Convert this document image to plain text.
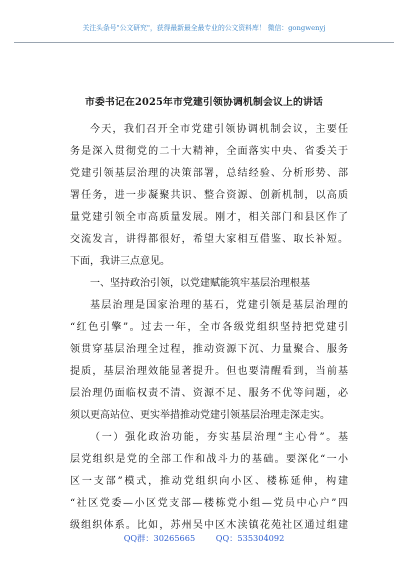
关注头条号"公文研究"，获得最新最全最专业的公文资料库！ 微信：gongwenyj
市委书记在2025年市党建引领协调机制会议上的讲话
今天，我们召开全市党建引领协调机制会议，主要任
务是深入贯彻党的二十大精神，全面落实中央、省委关于
党建引领基层治理的决策部署，总结经验、分析形势、部
署任务，进一步凝聚共识、整合资源、创新机制，以高质
量党建引领全市高质量发展。刚才，相关部门和县区作了
交流发言，讲得都很好，希望大家相互借鉴、取长补短。
下面，我讲三点意见。
一、坚持政治引领，以党建赋能筑牢基层治理根基
基层治理是国家治理的基石，党建引领是基层治理的
“红色引擎”。过去一年，全市各级党组织坚持把党建引
领贯穿基层治理全过程，推动资源下沉、力量聚合、服务
提质，基层治理效能显著提升。但也要清醒看到，当前基
层治理仍面临权责不清、资源不足、服务不优等问题，必
须以更高站位、更实举措推动党建引领基层治理走深走实。
（一）强化政治功能，夯实基层治理“主心骨”。基
层党组织是党的全部工作和战斗力的基础。要深化“一小
区一支部”模式，推动党组织向小区、楼栋延伸，构建
“社区党委—小区党支部—楼栋党小组—党员中心户”四
级组织体系。比如，苏州吴中区木渎镇花苑社区通过组建
QQ群：30265665	QQ：535304092
